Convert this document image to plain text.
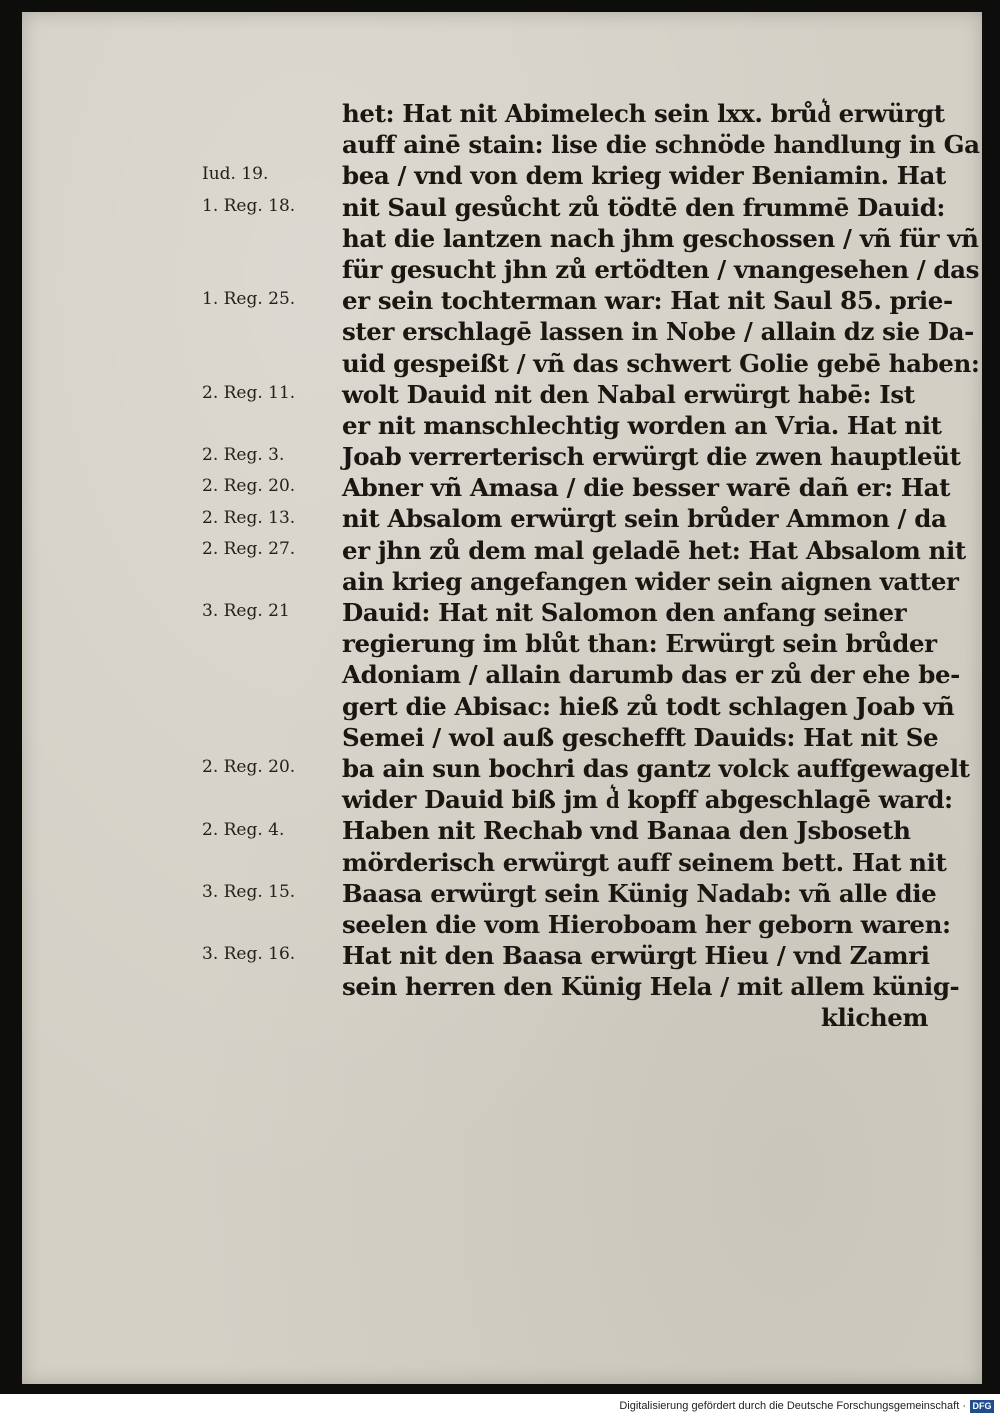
het: Hat nit Abimelech sein lxx. brůd͛ erwürgt
auff ainē stain: lise die schnöde handlung in Ga
bea / vnd von dem krieg wider Beniamin. Hat
nit Saul gesůcht zů tödtē den frummē Dauid:
hat die lantzen nach jhm geschossen / vñ für vñ
für gesucht jhn zů ertödten / vnangesehen / das
er sein tochterman war: Hat nit Saul 85. prie-
ster erschlagē lassen in Nobe / allain dz sie Da-
uid gespeißt / vñ das schwert Golie gebē haben:
wolt Dauid nit den Nabal erwürgt habē: Ist
er nit manschlechtig worden an Vria. Hat nit
Joab verrerterisch erwürgt die zwen hauptleüt
Abner vñ Amasa / die besser warē dañ er: Hat
nit Absalom erwürgt sein brůder Ammon / da
er jhn zů dem mal geladē het: Hat Absalom nit
ain krieg angefangen wider sein aignen vatter
Dauid: Hat nit Salomon den anfang seiner
regierung im blůt than: Erwürgt sein brůder
Adoniam / allain darumb das er zů der ehe be-
gert die Abisac: hieß zů todt schlagen Joab vñ
Semei / wol auß geschefft Dauids: Hat nit Se
ba ain sun bochri das gantz volck auffgewagelt
wider Dauid biß jm d͛ kopff abgeschlagē ward:
Haben nit Rechab vnd Banaa den Jsboseth
mörderisch erwürgt auff seinem bett. Hat nit
Baasa erwürgt sein Künig Nadab: vñ alle die
seelen die vom Hieroboam her geborn waren:
Hat nit den Baasa erwürgt Hieu / vnd Zamri
sein herren den Künig Hela / mit allem künig-
klichem
Iud. 19.
1. Reg. 18.
1. Reg. 25.
2. Reg. 11.
2. Reg. 3.
2. Reg. 20.
2. Reg. 13.
2. Reg. 27.
3. Reg. 21
2. Reg. 20.
2. Reg. 4.
3. Reg. 15.
3. Reg. 16.
Digitalisierung gefördert durch die Deutsche Forschungsgemeinschaft · DFG
